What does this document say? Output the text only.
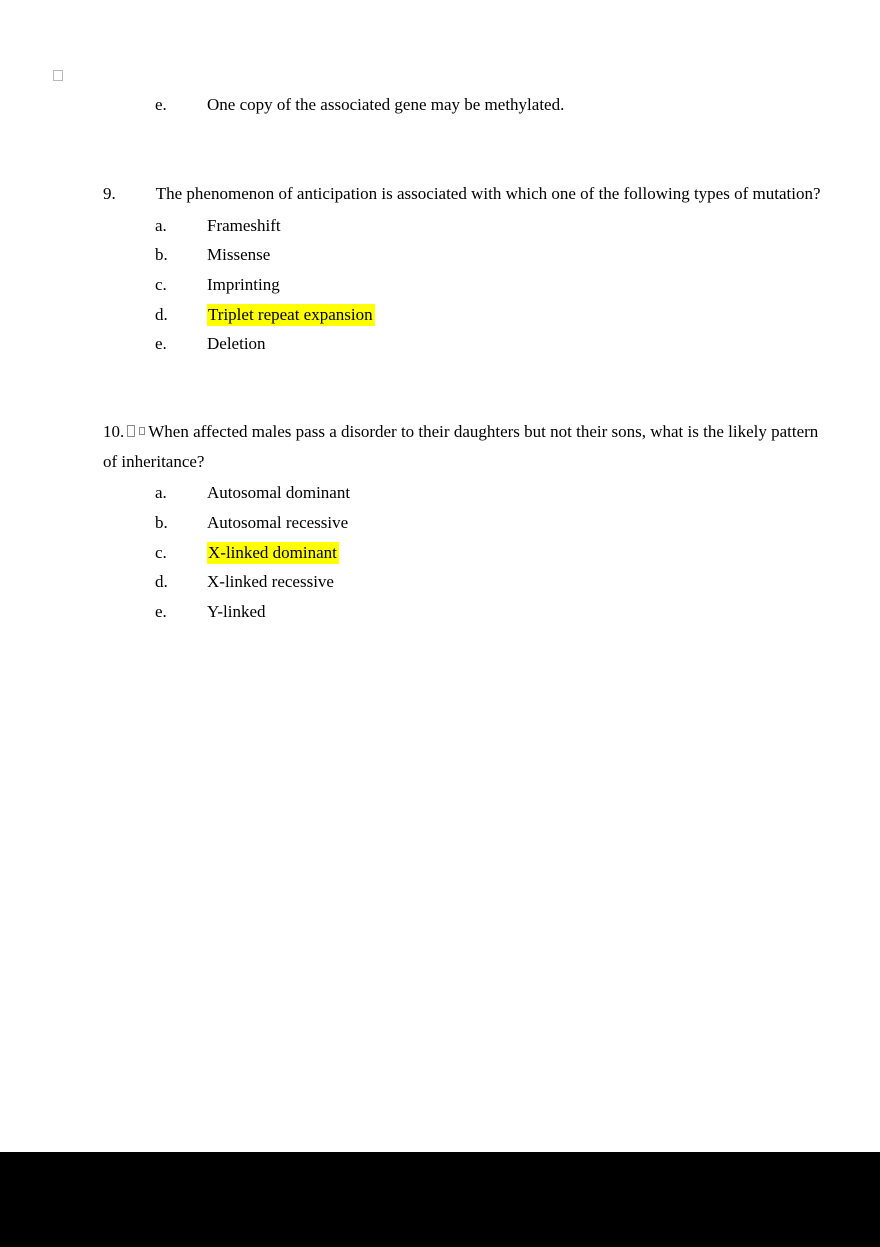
e. One copy of the associated gene may be methylated.

9. The phenomenon of anticipation is associated with which one of the following types of mutation?

a. Frameshift
b. Missense
c. Imprinting
d. Triplet repeat expansion
e. Deletion

10. When affected males pass a disorder to their daughters but not their sons, what is the likely pattern of inheritance?

a. Autosomal dominant
b. Autosomal recessive
c. X-linked dominant
d. X-linked recessive
e. Y-linked
